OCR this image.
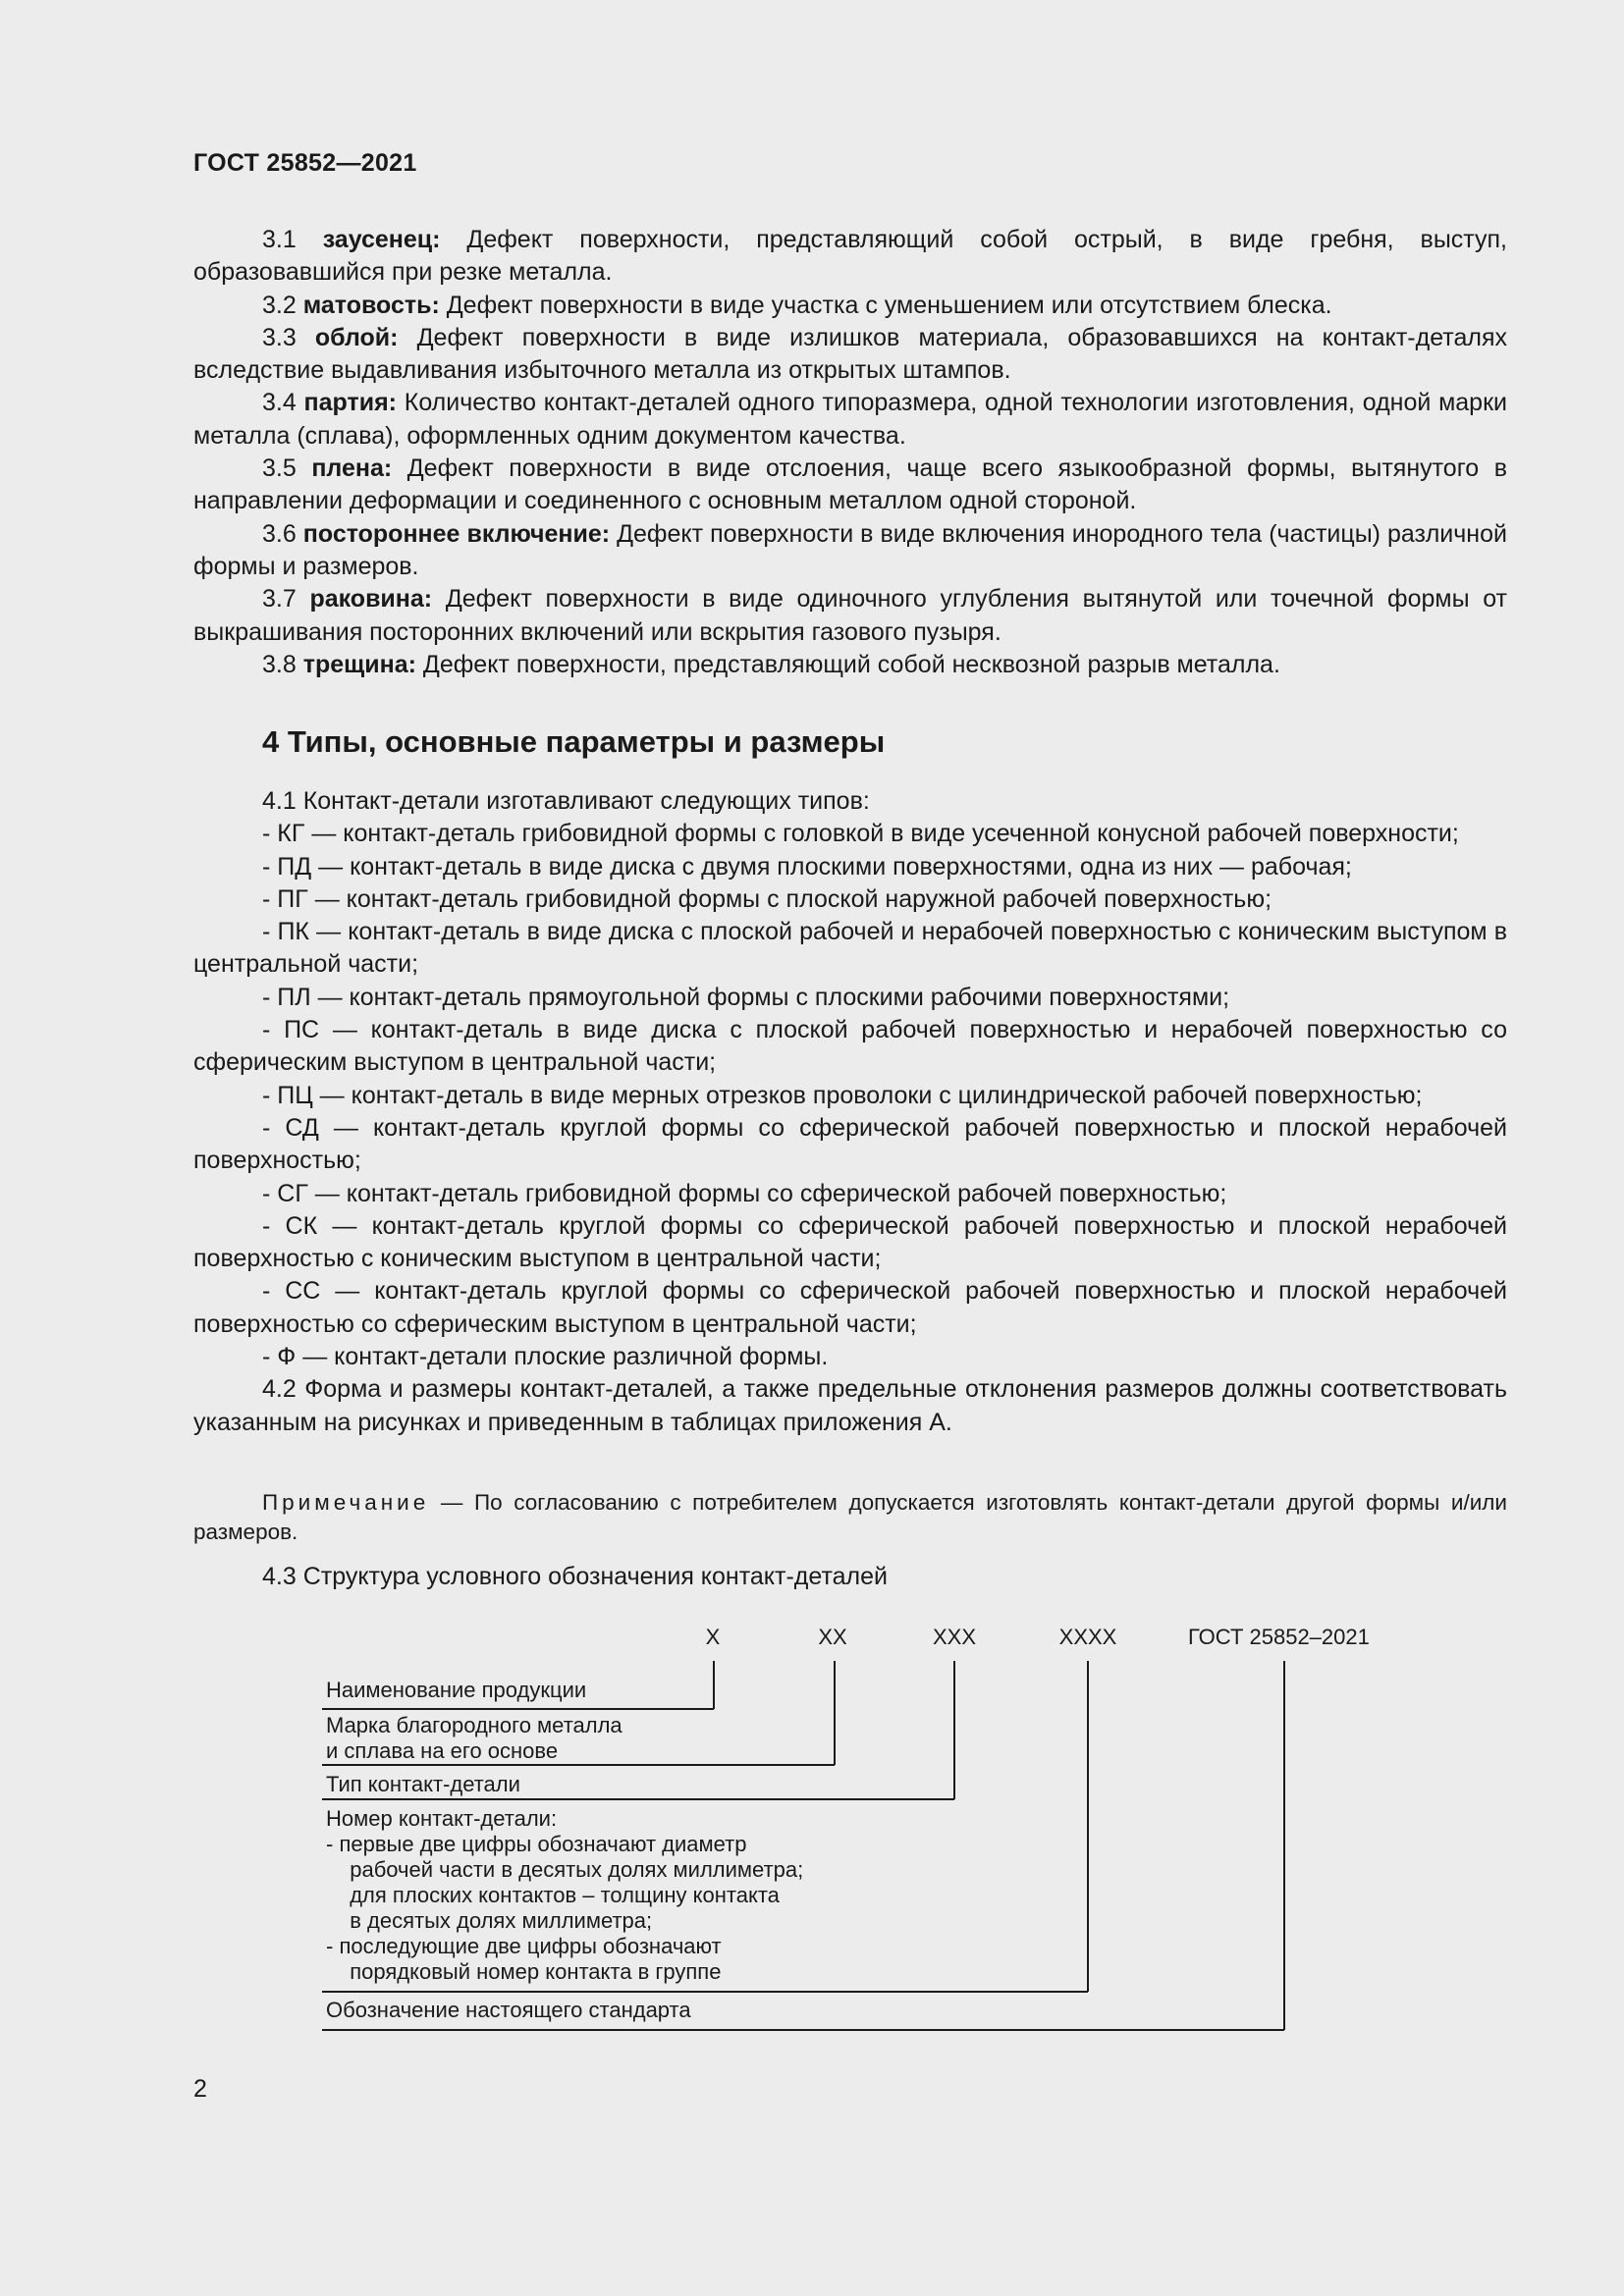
ГОСТ 25852—2021

3.1 заусенец: Дефект поверхности, представляющий собой острый, в виде гребня, выступ, образовавшийся при резке металла.

3.2 матовость: Дефект поверхности в виде участка с уменьшением или отсутствием блеска.

3.3 облой: Дефект поверхности в виде излишков материала, образовавшихся на контакт-деталях вследствие выдавливания избыточного металла из открытых штампов.

3.4 партия: Количество контакт-деталей одного типоразмера, одной технологии изготовления, одной марки металла (сплава), оформленных одним документом качества.

3.5 плена: Дефект поверхности в виде отслоения, чаще всего языкообразной формы, вытянутого в направлении деформации и соединенного с основным металлом одной стороной.

3.6 постороннее включение: Дефект поверхности в виде включения инородного тела (частицы) различной формы и размеров.

3.7 раковина: Дефект поверхности в виде одиночного углубления вытянутой или точечной формы от выкрашивания посторонних включений или вскрытия газового пузыря.

3.8 трещина: Дефект поверхности, представляющий собой несквозной разрыв металла.

4 Типы, основные параметры и размеры

4.1 Контакт-детали изготавливают следующих типов:

- КГ — контакт-деталь грибовидной формы с головкой в виде усеченной конусной рабочей поверхности;

- ПД — контакт-деталь в виде диска с двумя плоскими поверхностями, одна из них — рабочая;

- ПГ — контакт-деталь грибовидной формы с плоской наружной рабочей поверхностью;

- ПК — контакт-деталь в виде диска с плоской рабочей и нерабочей поверхностью с коническим выступом в центральной части;

- ПЛ — контакт-деталь прямоугольной формы с плоскими рабочими поверхностями;

- ПС — контакт-деталь в виде диска с плоской рабочей поверхностью и нерабочей поверхностью со сферическим выступом в центральной части;

- ПЦ — контакт-деталь в виде мерных отрезков проволоки с цилиндрической рабочей поверхностью;

- СД — контакт-деталь круглой формы со сферической рабочей поверхностью и плоской нерабочей поверхностью;

- СГ — контакт-деталь грибовидной формы со сферической рабочей поверхностью;

- СК — контакт-деталь круглой формы со сферической рабочей поверхностью и плоской нерабочей поверхностью с коническим выступом в центральной части;

- СС — контакт-деталь круглой формы со сферической рабочей поверхностью и плоской нерабочей поверхностью со сферическим выступом в центральной части;

- Ф — контакт-детали плоские различной формы.

4.2 Форма и размеры контакт-деталей, а также предельные отклонения размеров должны соответствовать указанным на рисунках и приведенным в таблицах приложения А.

Примечание — По согласованию с потребителем допускается изготовлять контакт-детали другой формы и/или размеров.

4.3 Структура условного обозначения контакт-деталей

X	XX	XXX	XXXX	ГОСТ 25852–2021
Наименование продукции
Марка благородного металла
и сплава на его основе
Тип контакт-детали
Номер контакт-детали:
- первые две цифры обозначают диаметр
рабочей части в десятых долях миллиметра;
для плоских контактов – толщину контакта
в десятых долях миллиметра;
- последующие две цифры обозначают
порядковый номер контакта в группе
Обозначение настоящего стандарта
2
